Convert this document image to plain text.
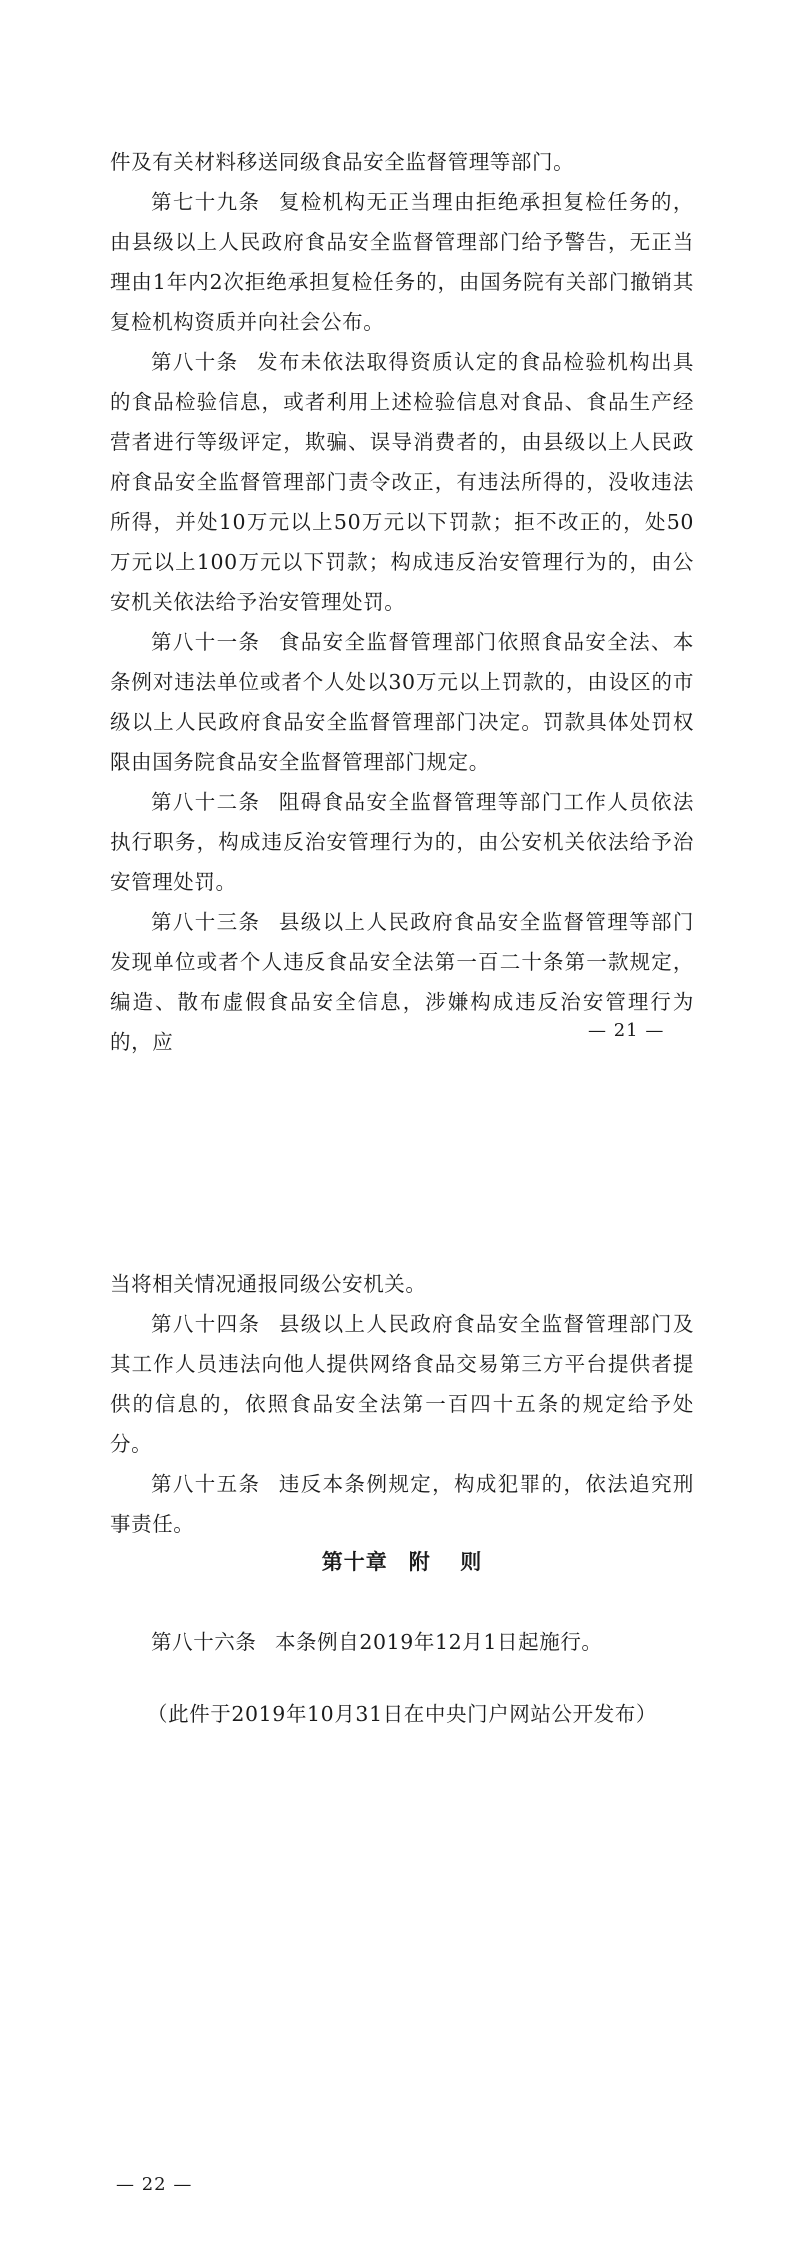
件及有关材料移送同级食品安全监督管理等部门。

第七十九条 复检机构无正当理由拒绝承担复检任务的，由县级以上人民政府食品安全监督管理部门给予警告，无正当理由1年内2次拒绝承担复检任务的，由国务院有关部门撤销其复检机构资质并向社会公布。

第八十条 发布未依法取得资质认定的食品检验机构出具的食品检验信息，或者利用上述检验信息对食品、食品生产经营者进行等级评定，欺骗、误导消费者的，由县级以上人民政府食品安全监督管理部门责令改正，有违法所得的，没收违法所得，并处10万元以上50万元以下罚款；拒不改正的，处50万元以上100万元以下罚款；构成违反治安管理行为的，由公安机关依法给予治安管理处罚。

第八十一条 食品安全监督管理部门依照食品安全法、本条例对违法单位或者个人处以30万元以上罚款的，由设区的市级以上人民政府食品安全监督管理部门决定。罚款具体处罚权限由国务院食品安全监督管理部门规定。

第八十二条 阻碍食品安全监督管理等部门工作人员依法执行职务，构成违反治安管理行为的，由公安机关依法给予治安管理处罚。

第八十三条 县级以上人民政府食品安全监督管理等部门发现单位或者个人违反食品安全法第一百二十条第一款规定，编造、散布虚假食品安全信息，涉嫌构成违反治安管理行为的，应	— 21 —

当将相关情况通报同级公安机关。

第八十四条 县级以上人民政府食品安全监督管理部门及其工作人员违法向他人提供网络食品交易第三方平台提供者提供的信息的，依照食品安全法第一百四十五条的规定给予处分。

第八十五条 违反本条例规定，构成犯罪的，依法追究刑事责任。

第十章 附 则
第八十六条 本条例自2019年12月1日起施行。
（此件于2019年10月31日在中央门户网站公开发布）
— 22 —
